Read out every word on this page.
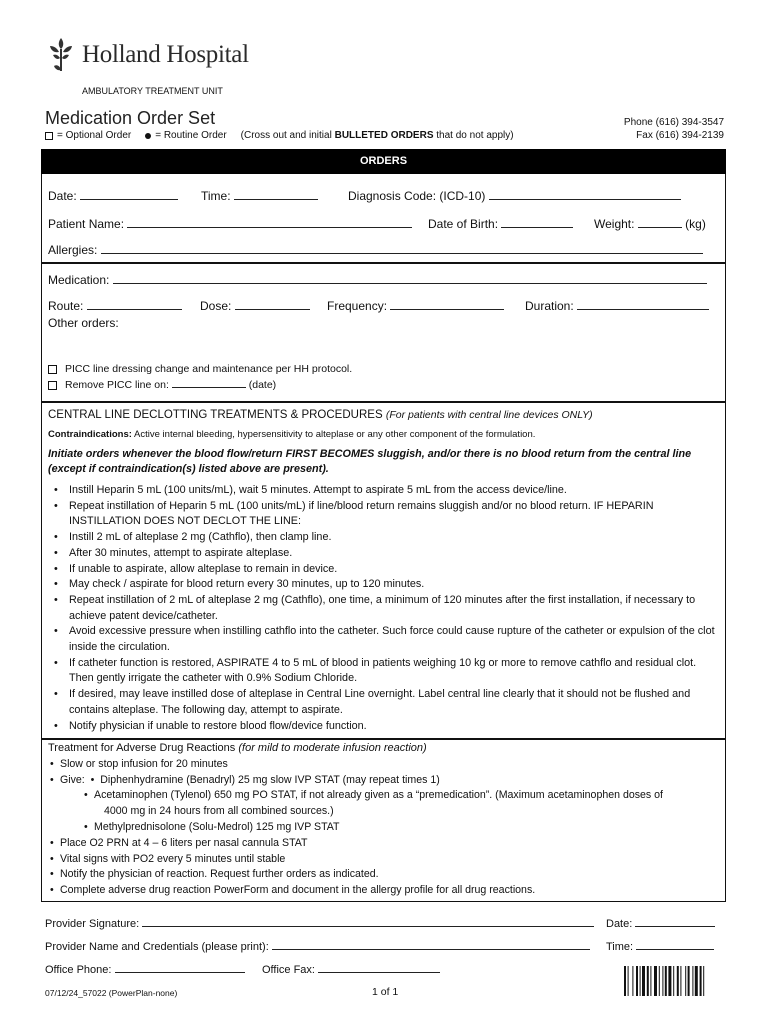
Holland Hospital
AMBULATORY TREATMENT UNIT
Medication Order Set
= Optional Order = Routine Order (Cross out and initial BULLETED ORDERS that do not apply)
Phone (616) 394-3547
Fax (616) 394-2139
ORDERS
Date:	Time:	Diagnosis Code: (ICD-10)
Patient Name:	Date of Birth:	Weight:	(kg)
Allergies:
Medication:
Route:	Dose:	Frequency:	Duration:
Other orders:
PICC line dressing change and maintenance per HH protocol.
Remove PICC line on:	(date)
CENTRAL LINE DECLOTTING TREATMENTS & PROCEDURES (For patients with central line devices ONLY)
Contraindications: Active internal bleeding, hypersensitivity to alteplase or any other component of the formulation.
Initiate orders whenever the blood flow/return FIRST BECOMES sluggish, and/or there is no blood return from the central line (except if contraindication(s) listed above are present).
• Instill Heparin 5 mL (100 units/mL), wait 5 minutes. Attempt to aspirate 5 mL from the access device/line.
• Repeat instillation of Heparin 5 mL (100 units/mL) if line/blood return remains sluggish and/or no blood return. IF HEPARIN INSTILLATION DOES NOT DECLOT THE LINE:
• Instill 2 mL of alteplase 2 mg (Cathflo), then clamp line.
• After 30 minutes, attempt to aspirate alteplase.
• If unable to aspirate, allow alteplase to remain in device.
• May check / aspirate for blood return every 30 minutes, up to 120 minutes.
• Repeat instillation of 2 mL of alteplase 2 mg (Cathflo), one time, a minimum of 120 minutes after the first installation, if necessary to achieve patent device/catheter.
• Avoid excessive pressure when instilling cathflo into the catheter. Such force could cause rupture of the catheter or expulsion of the clot inside the circulation.
• If catheter function is restored, ASPIRATE 4 to 5 mL of blood in patients weighing 10 kg or more to remove cathflo and residual clot. Then gently irrigate the catheter with 0.9% Sodium Chloride.
• If desired, may leave instilled dose of alteplase in Central Line overnight. Label central line clearly that it should not be flushed and contains alteplase. The following day, attempt to aspirate.
• Notify physician if unable to restore blood flow/device function.
Treatment for Adverse Drug Reactions (for mild to moderate infusion reaction)
• Slow or stop infusion for 20 minutes
• Give:  •  Diphenhydramine (Benadryl) 25 mg slow IVP STAT (may repeat times 1)
• Acetaminophen (Tylenol) 650 mg PO STAT, if not already given as a “premedication”. (Maximum acetaminophen doses of
4000 mg in 24 hours from all combined sources.)
• Methylprednisolone (Solu-Medrol) 125 mg IVP STAT
• Place O2 PRN at 4 – 6 liters per nasal cannula STAT
• Vital signs with PO2 every 5 minutes until stable
• Notify the physician of reaction. Request further orders as indicated.
• Complete adverse drug reaction PowerForm and document in the allergy profile for all drug reactions.
Provider Signature:	Date:
Provider Name and Credentials (please print):	Time:
Office Phone:	Office Fax:
07/12/24_57022 (PowerPlan-none)	1 of 1
